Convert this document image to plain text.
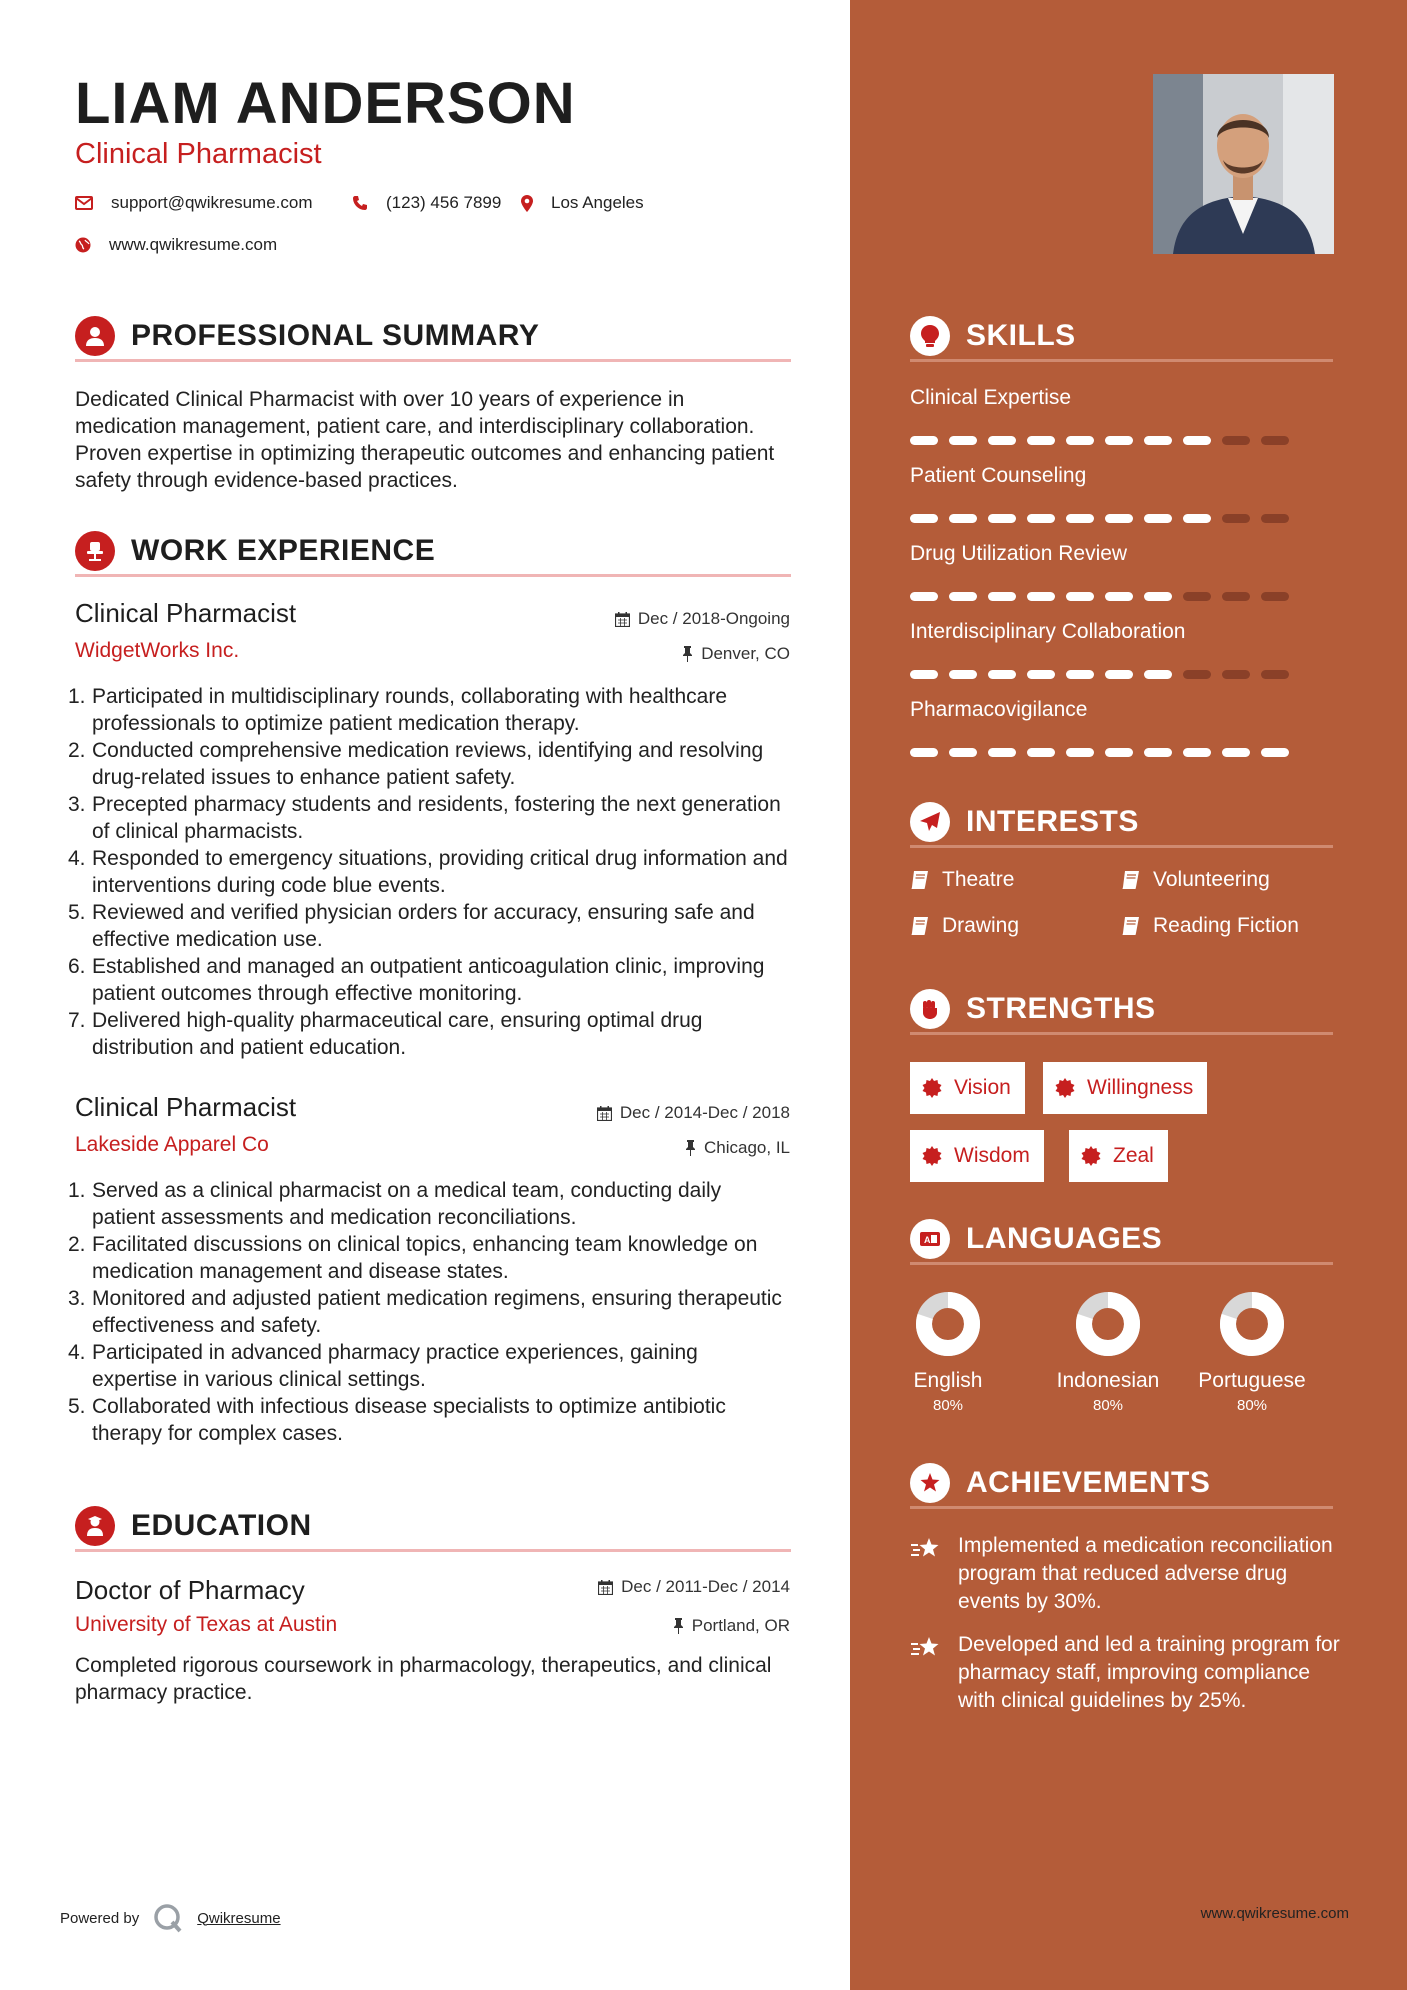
LIAM ANDERSON
Clinical Pharmacist
support@qwikresume.com	(123) 456 7899	Los Angeles
www.qwikresume.com
PROFESSIONAL SUMMARY
Dedicated Clinical Pharmacist with over 10 years of experience in medication management, patient care, and interdisciplinary collaboration. Proven expertise in optimizing therapeutic outcomes and enhancing patient safety through evidence-based practices.
WORK EXPERIENCE
Clinical Pharmacist	Dec / 2018-Ongoing
WidgetWorks Inc.	Denver, CO
1. Participated in multidisciplinary rounds, collaborating with healthcare professionals to optimize patient medication therapy.
2. Conducted comprehensive medication reviews, identifying and resolving drug-related issues to enhance patient safety.
3. Precepted pharmacy students and residents, fostering the next generation of clinical pharmacists.
4. Responded to emergency situations, providing critical drug information and interventions during code blue events.
5. Reviewed and verified physician orders for accuracy, ensuring safe and effective medication use.
6. Established and managed an outpatient anticoagulation clinic, improving patient outcomes through effective monitoring.
7. Delivered high-quality pharmaceutical care, ensuring optimal drug distribution and patient education.
Clinical Pharmacist	Dec / 2014-Dec / 2018
Lakeside Apparel Co	Chicago, IL
1. Served as a clinical pharmacist on a medical team, conducting daily patient assessments and medication reconciliations.
2. Facilitated discussions on clinical topics, enhancing team knowledge on medication management and disease states.
3. Monitored and adjusted patient medication regimens, ensuring therapeutic effectiveness and safety.
4. Participated in advanced pharmacy practice experiences, gaining expertise in various clinical settings.
5. Collaborated with infectious disease specialists to optimize antibiotic therapy for complex cases.
EDUCATION
Doctor of Pharmacy	Dec / 2011-Dec / 2014
University of Texas at Austin	Portland, OR
Completed rigorous coursework in pharmacology, therapeutics, and clinical pharmacy practice.
Powered by	Qwikresume
SKILLS
Clinical Expertise
Patient Counseling
Drug Utilization Review
Interdisciplinary Collaboration
Pharmacovigilance
INTERESTS
Theatre	Volunteering
Drawing	Reading Fiction
STRENGTHS
Vision	Willingness
Wisdom	Zeal
A LANGUAGES
English
80%
Indonesian
80%
Portuguese
80%
ACHIEVEMENTS
Implemented a medication reconciliation program that reduced adverse drug events by 30%.
Developed and led a training program for pharmacy staff, improving compliance with clinical guidelines by 25%.
www.qwikresume.com
